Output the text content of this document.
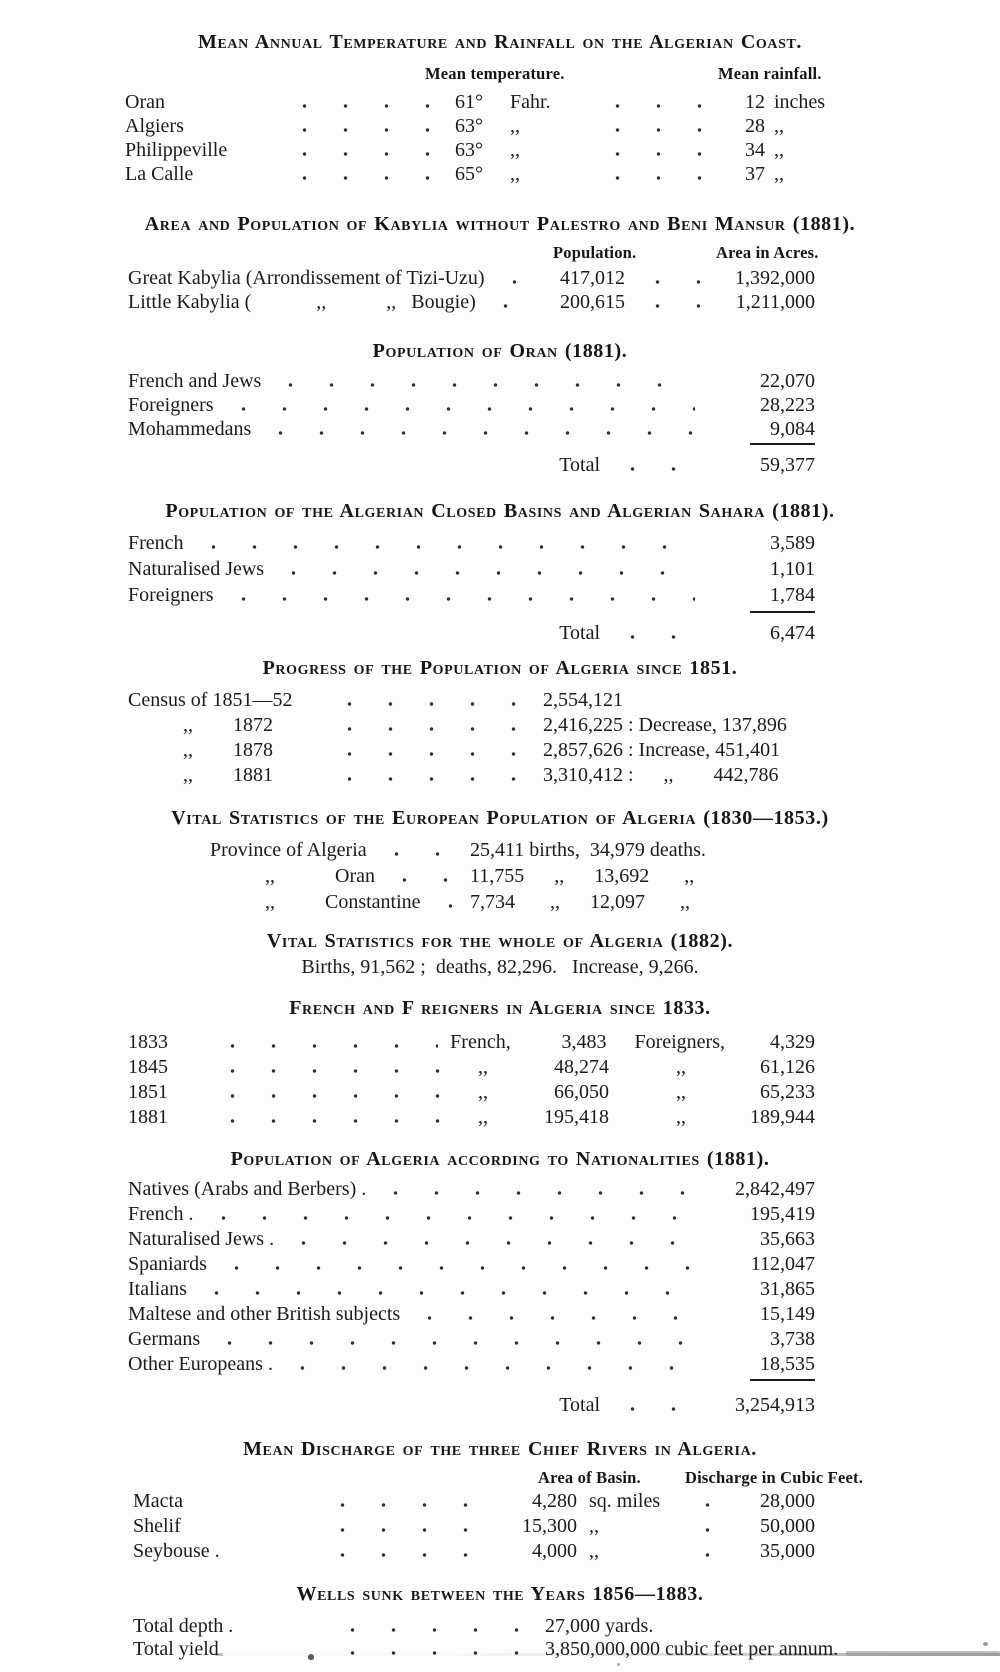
Mean Annual Temperature and Rainfall on the Algerian Coast.
Mean temperature.	Mean rainfall.
Oran	61°	Fahr.	12 inches
Algiers	63°	,,	28 ,,
Philippeville	63°	,,	34 ,,
La Calle	65°	,,	37 ,,
Area and Population of Kabylia without Palestro and Beni Mansur (1881).
Population.	Area in Acres.
Great Kabylia (Arrondissement of Tizi-Uzu)	417,012	1,392,000
Little Kabylia (             ,,            ,,   Bougie)	200,615	1,211,000
Population of Oran (1881).
French and Jews	22,070
Foreigners	28,223
Mohammedans	9,084
Total	59,377
Population of the Algerian Closed Basins and Algerian Sahara (1881).
French	3,589
Naturalised Jews	1,101
Foreigners	1,784
Total	6,474
Progress of the Population of Algeria since 1851.
Census of 1851—52	2,554,121
,,        1872	2,416,225 : Decrease, 137,896
,,        1878	2,857,626 : Increase, 451,401
,,        1881	3,310,412 :      ,,        442,786
Vital Statistics of the European Population of Algeria (1830—1853.)
Province of Algeria	25,411 births,  34,979 deaths.
,,            Oran	11,755      ,,      13,692       ,,
,,          Constantine 7,734       ,,      12,097       ,,
Vital Statistics for the whole of Algeria (1882).
Births, 91,562 ;  deaths, 82,296.   Increase, 9,266.
French and F reigners in Algeria since 1833.
1833	French,	3,483 Foreigners,	4,329
1845	,,	48,274	,,	61,126
1851	,,	66,050	,,	65,233
1881	,,	195,418	,,	189,944
Population of Algeria according to Nationalities (1881).
Natives (Arabs and Berbers) .	2,842,497
French .	195,419
Naturalised Jews .	35,663
Spaniards	112,047
Italians	31,865
Maltese and other British subjects	15,149
Germans	3,738
Other Europeans .	18,535
Total	3,254,913
Mean Discharge of the three Chief Rivers in Algeria.
Area of Basin.	Discharge in Cubic Feet.
Macta	4,280 sq. miles	28,000
Shelif	15,300 ,,	50,000
Seybouse .	4,000 ,,	35,000
Wells sunk between the Years 1856—1883.
Total depth .	27,000 yards.
Total yield	3,850,000,000 cubic feet per annum.
